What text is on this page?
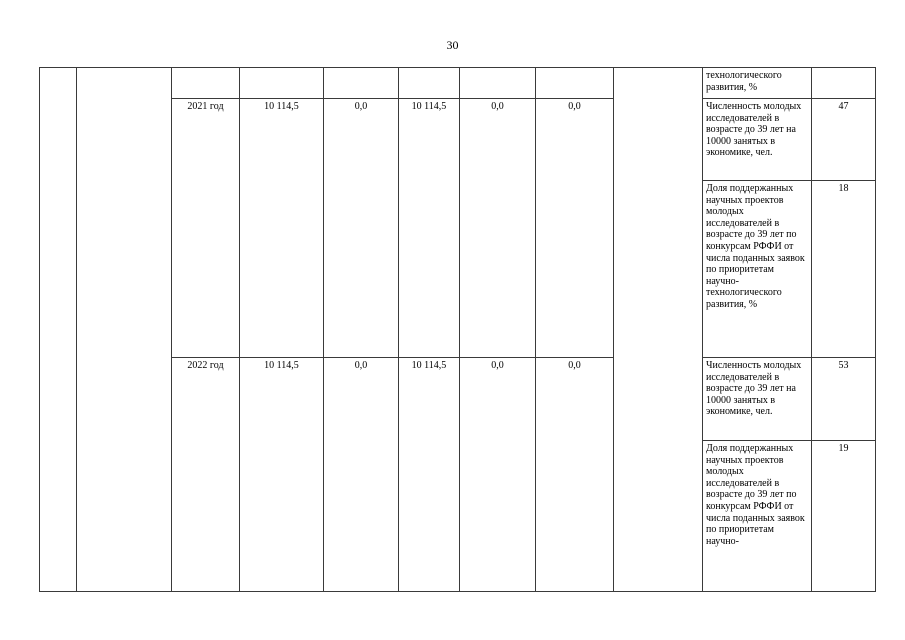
30
									технологического развития, %	
		2021 год	10 114,5	0,0	10 114,5	0,0	0,0		Численность молодых исследователей в возрасте до 39 лет на 10000 занятых в экономике, чел.	47
									Доля поддержанных научных проектов молодых исследователей в возрасте до 39 лет по конкурсам РФФИ от числа поданных заявок по приоритетам научно-технологического развития, %	18
		2022 год	10 114,5	0,0	10 114,5	0,0	0,0		Численность молодых исследователей в возрасте до 39 лет на 10000 занятых в экономике, чел.	53
									Доля поддержанных научных проектов молодых исследователей в возрасте до 39 лет по конкурсам РФФИ от числа поданных заявок по приоритетам научно-	19
